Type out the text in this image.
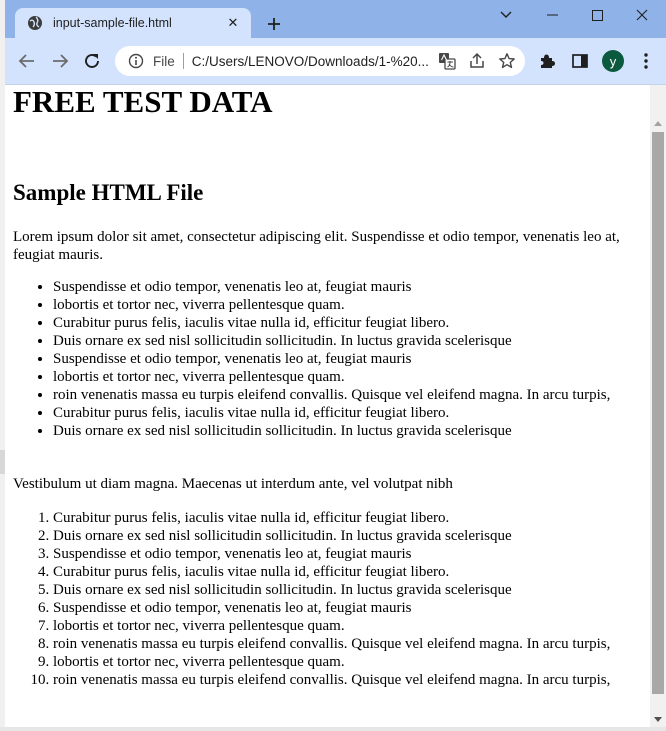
input-sample-file.html	✕
File C:/Users/LENOVO/Downloads/1-%20...	y
FREE TEST DATA
Sample HTML File

Lorem ipsum dolor sit amet, consectetur adipiscing elit. Suspendisse et odio tempor, venenatis leo at, feugiat mauris.

• Suspendisse et odio tempor, venenatis leo at, feugiat mauris
• lobortis et tortor nec, viverra pellentesque quam.
• Curabitur purus felis, iaculis vitae nulla id, efficitur feugiat libero.
• Duis ornare ex sed nisl sollicitudin sollicitudin. In luctus gravida scelerisque
• Suspendisse et odio tempor, venenatis leo at, feugiat mauris
• lobortis et tortor nec, viverra pellentesque quam.
• roin venenatis massa eu turpis eleifend convallis. Quisque vel eleifend magna. In arcu turpis,
• Curabitur purus felis, iaculis vitae nulla id, efficitur feugiat libero.
• Duis ornare ex sed nisl sollicitudin sollicitudin. In luctus gravida scelerisque

Vestibulum ut diam magna. Maecenas ut interdum ante, vel volutpat nibh

1. Curabitur purus felis, iaculis vitae nulla id, efficitur feugiat libero.
2. Duis ornare ex sed nisl sollicitudin sollicitudin. In luctus gravida scelerisque
3. Suspendisse et odio tempor, venenatis leo at, feugiat mauris
4. Curabitur purus felis, iaculis vitae nulla id, efficitur feugiat libero.
5. Duis ornare ex sed nisl sollicitudin sollicitudin. In luctus gravida scelerisque
6. Suspendisse et odio tempor, venenatis leo at, feugiat mauris
7. lobortis et tortor nec, viverra pellentesque quam.
8. roin venenatis massa eu turpis eleifend convallis. Quisque vel eleifend magna. In arcu turpis,
9. lobortis et tortor nec, viverra pellentesque quam.
10. roin venenatis massa eu turpis eleifend convallis. Quisque vel eleifend magna. In arcu turpis,
